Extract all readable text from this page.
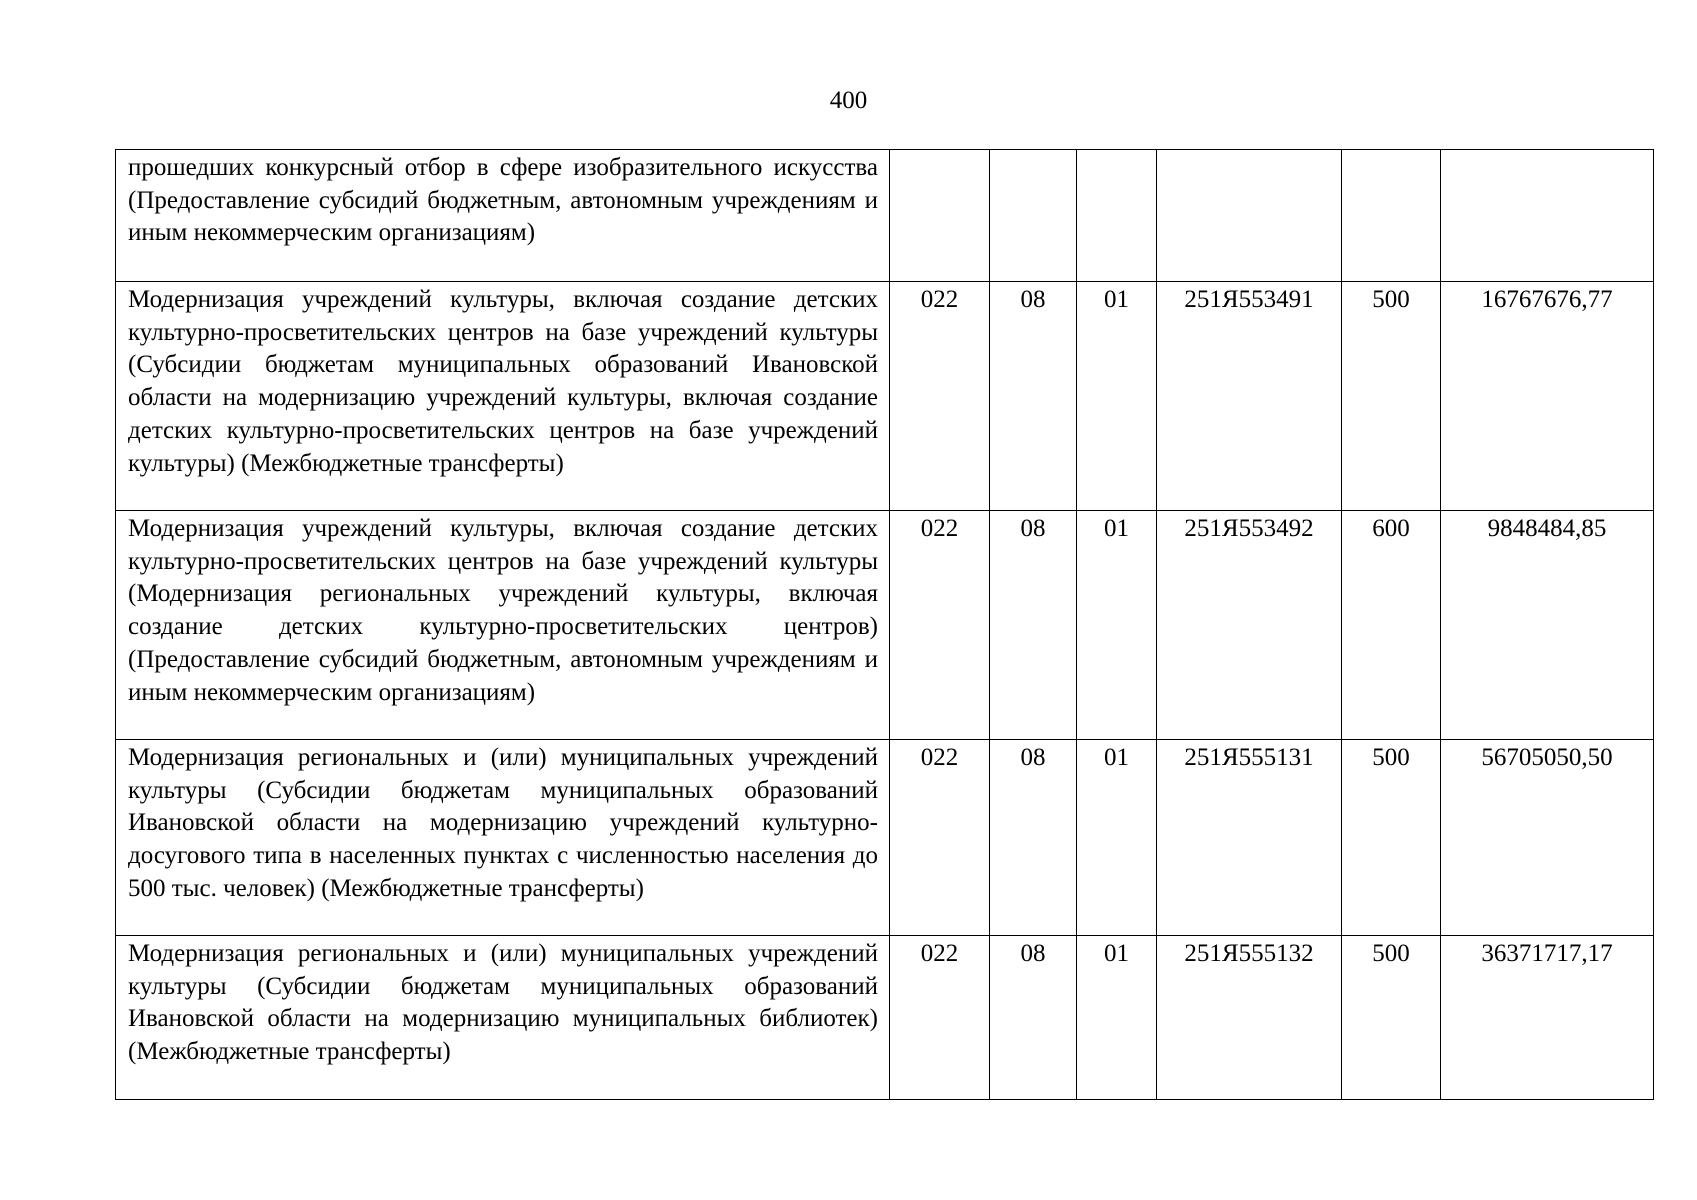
400
прошедших конкурсный отбор в сфере изобразительного искусства (Предоставление субсидий бюджетным, автономным учреждениям и иным некоммерческим организациям)						
Модернизация учреждений культуры, включая создание детских культурно-просветительских центров на базе учреждений культуры (Субсидии бюджетам муниципальных образований Ивановской области на модернизацию учреждений культуры, включая создание детских культурно-просветительских центров на базе учреждений культуры) (Межбюджетные трансферты)	022	08	01	251Я553491	500	16767676,77
Модернизация учреждений культуры, включая создание детских культурно-просветительских центров на базе учреждений культуры (Модернизация региональных учреждений культуры, включая создание детских культурно-просветительских центров) (Предоставление субсидий бюджетным, автономным учреждениям и иным некоммерческим организациям)	022	08	01	251Я553492	600	9848484,85
Модернизация региональных и (или) муниципальных учреждений культуры (Субсидии бюджетам муниципальных образований Ивановской области на модернизацию учреждений культурно-досугового типа в населенных пунктах с численностью населения до 500 тыс. человек) (Межбюджетные трансферты)	022	08	01	251Я555131	500	56705050,50
Модернизация региональных и (или) муниципальных учреждений культуры (Субсидии бюджетам муниципальных образований Ивановской области на модернизацию муниципальных библиотек) (Межбюджетные трансферты)	022	08	01	251Я555132	500	36371717,17
